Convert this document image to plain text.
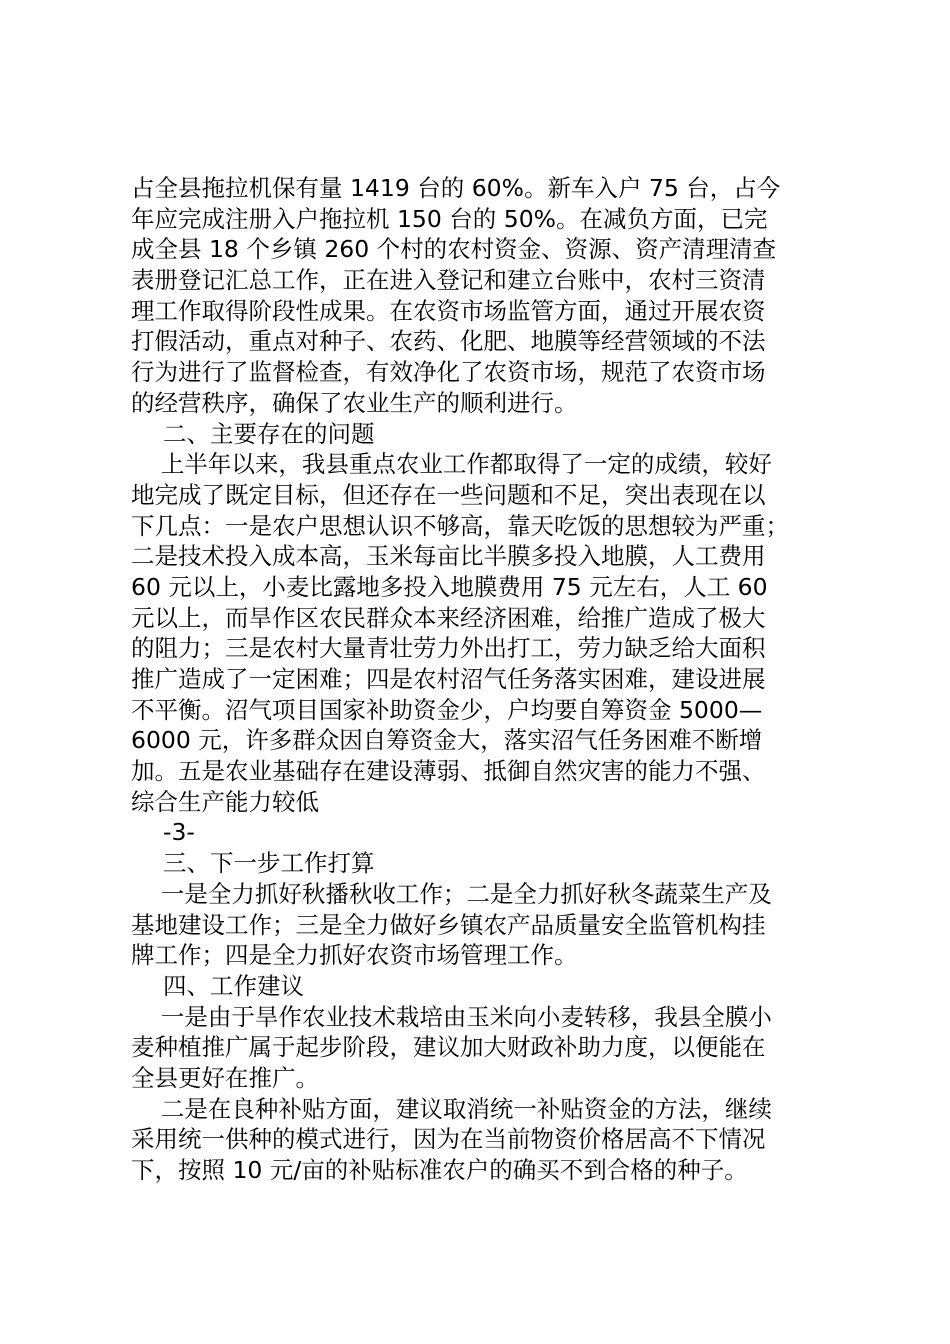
占全县拖拉机保有量 1419 台的 60%。新车入户 75 台，占今
年应完成注册入户拖拉机 150 台的 50%。在减负方面，已完
成全县 18 个乡镇 260 个村的农村资金、资源、资产清理清查
表册登记汇总工作，正在进入登记和建立台账中，农村三资清
理工作取得阶段性成果。在农资市场监管方面，通过开展农资
打假活动，重点对种子、农药、化肥、地膜等经营领域的不法
行为进行了监督检查，有效净化了农资市场，规范了农资市场
的经营秩序，确保了农业生产的顺利进行。
二、主要存在的问题
上半年以来，我县重点农业工作都取得了一定的成绩，较好
地完成了既定目标，但还存在一些问题和不足，突出表现在以
下几点：一是农户思想认识不够高，靠天吃饭的思想较为严重；
二是技术投入成本高，玉米每亩比半膜多投入地膜，人工费用
60 元以上，小麦比露地多投入地膜费用 75 元左右，人工 60
元以上，而旱作区农民群众本来经济困难，给推广造成了极大
的阻力；三是农村大量青壮劳力外出打工，劳力缺乏给大面积
推广造成了一定困难；四是农村沼气任务落实困难，建设进展
不平衡。沼气项目国家补助资金少，户均要自筹资金 5000—
6000 元，许多群众因自筹资金大，落实沼气任务困难不断增
加。五是农业基础存在建设薄弱、抵御自然灾害的能力不强、
综合生产能力较低
-3-
三、下一步工作打算
一是全力抓好秋播秋收工作；二是全力抓好秋冬蔬菜生产及
基地建设工作；三是全力做好乡镇农产品质量安全监管机构挂
牌工作；四是全力抓好农资市场管理工作。
四、工作建议
一是由于旱作农业技术栽培由玉米向小麦转移，我县全膜小
麦种植推广属于起步阶段，建议加大财政补助力度，以便能在
全县更好在推广。
二是在良种补贴方面，建议取消统一补贴资金的方法，继续
采用统一供种的模式进行，因为在当前物资价格居高不下情况
下，按照 10 元/亩的补贴标准农户的确买不到合格的种子。
